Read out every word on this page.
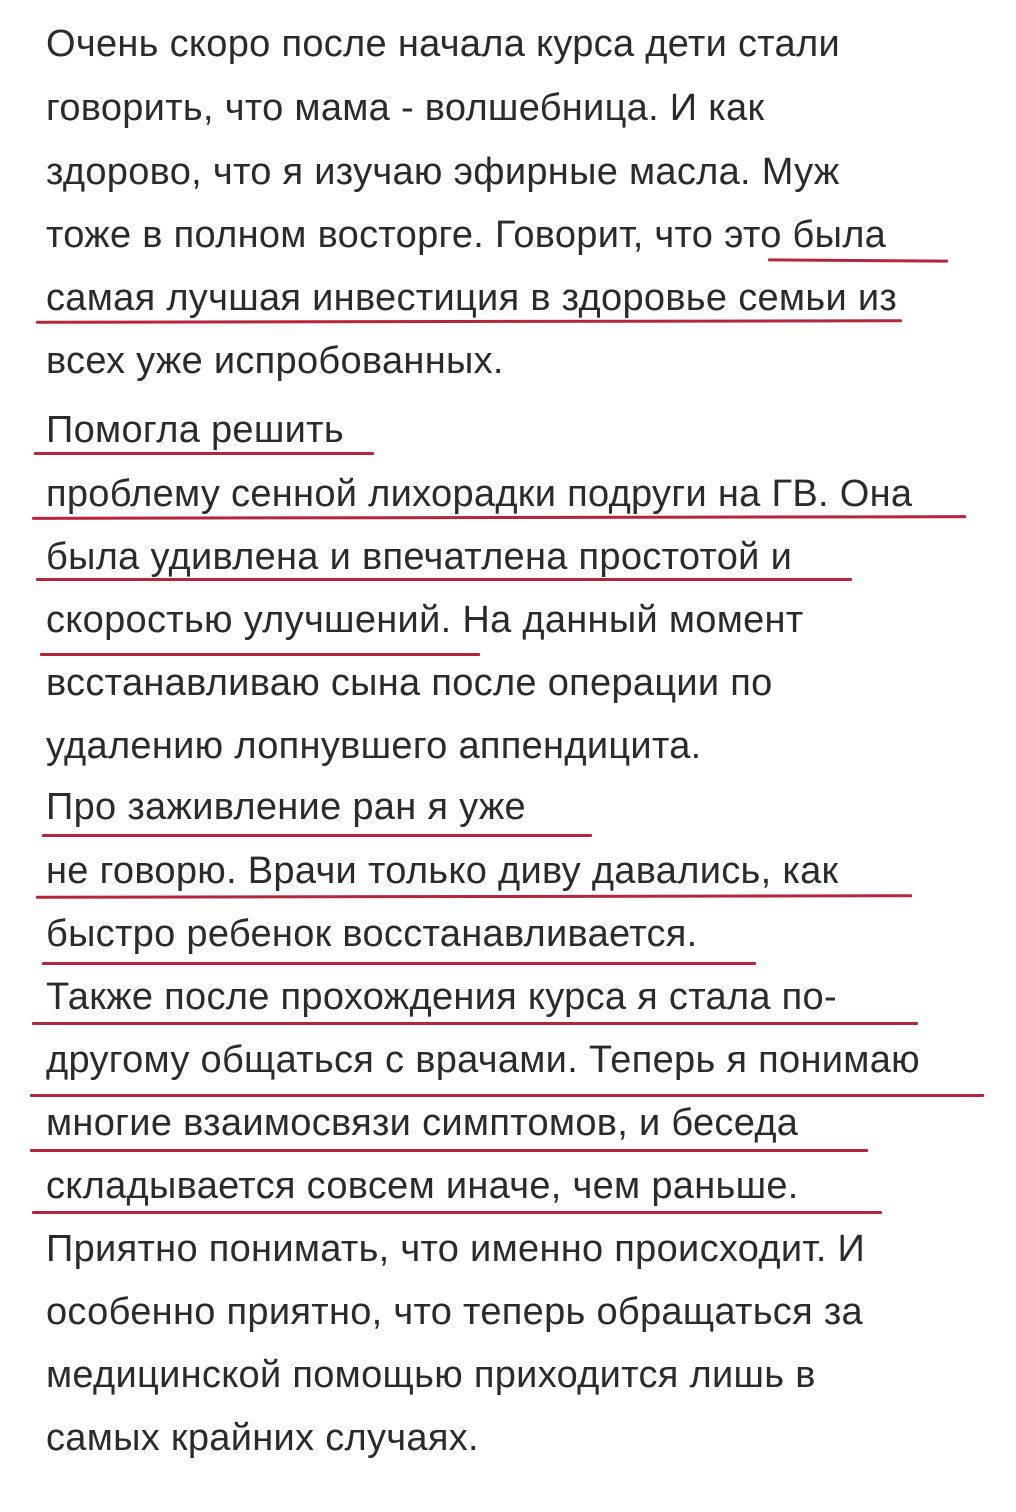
Очень скоро после начала курса дети стали
говорить, что мама - волшебница. И как
здорово, что я изучаю эфирные масла. Муж
тоже в полном восторге. Говорит, что это была
самая лучшая инвестиция в здоровье семьи из
всех уже испробованных.
Помогла решить
проблему сенной лихорадки подруги на ГВ. Она
была удивлена и впечатлена простотой и
скоростью улучшений. На данный момент
всстанавливаю сына после операции по
удалению лопнувшего аппендицита.
Про заживление ран я уже
не говорю. Врачи только диву давались, как
быстро ребенок восстанавливается.
Также после прохождения курса я стала по-
другому общаться с врачами. Теперь я понимаю
многие взаимосвязи симптомов, и беседа
складывается совсем иначе, чем раньше.
Приятно понимать, что именно происходит. И
особенно приятно, что теперь обращаться за
медицинской помощью приходится лишь в
самых крайних случаях.
